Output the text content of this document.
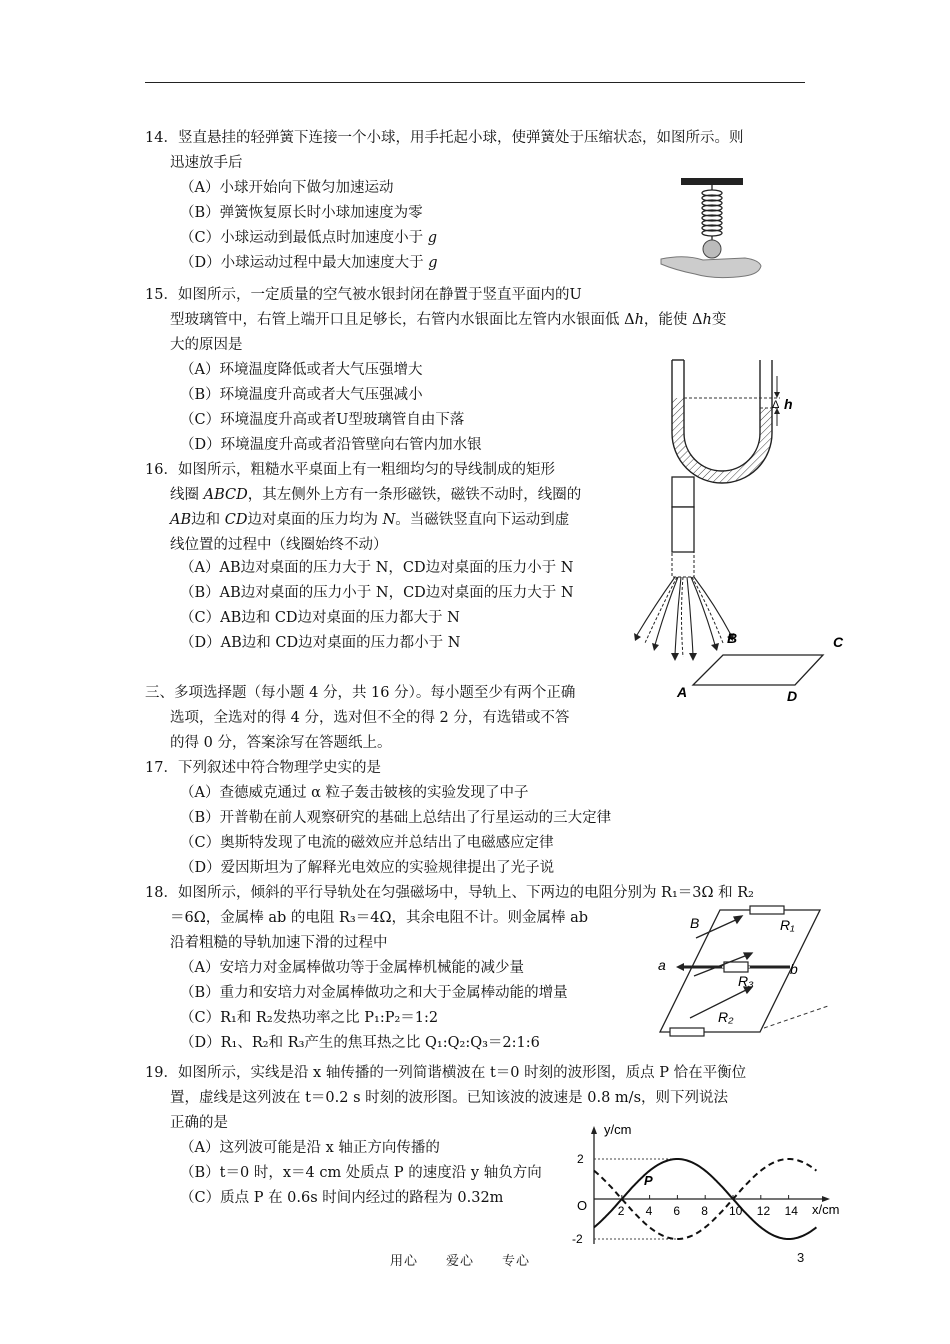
14．竖直悬挂的轻弹簧下连接一个小球，用手托起小球，使弹簧处于压缩状态，如图所示。则
迅速放手后
（A）小球开始向下做匀加速运动
（B）弹簧恢复原长时小球加速度为零
（C）小球运动到最低点时加速度小于 g
（D）小球运动过程中最大加速度大于 g
15．如图所示，一定质量的空气被水银封闭在静置于竖直平面内的U
型玻璃管中，右管上端开口且足够长，右管内水银面比左管内水银面低 Δh，能使 Δh变
大的原因是
（A）环境温度降低或者大气压强增大
（B）环境温度升高或者大气压强减小
（C）环境温度升高或者U型玻璃管自由下落
（D）环境温度升高或者沿管壁向右管内加水银
Δ h
16．如图所示，粗糙水平桌面上有一粗细均匀的导线制成的矩形
线圈 ABCD，其左侧外上方有一条形磁铁，磁铁不动时，线圈的
AB边和 CD边对桌面的压力均为 N。当磁铁竖直向下运动到虚
线位置的过程中（线圈始终不动）
（A）AB边对桌面的压力大于 N，CD边对桌面的压力小于 N
（B）AB边对桌面的压力小于 N，CD边对桌面的压力大于 N
（C）AB边和 CD边对桌面的压力都大于 N
（D）AB边和 CD边对桌面的压力都小于 N	B	C
A	D
三、多项选择题（每小题 4 分，共 16 分）。每小题至少有两个正确
选项，全选对的得 4 分，选对但不全的得 2 分，有选错或不答
的得 0 分，答案涂写在答题纸上。
17．下列叙述中符合物理学史实的是
（A）查德威克通过 α 粒子轰击铍核的实验发现了中子
（B）开普勒在前人观察研究的基础上总结出了行星运动的三大定律
（C）奥斯特发现了电流的磁效应并总结出了电磁感应定律
（D）爱因斯坦为了解释光电效应的实验规律提出了光子说
18．如图所示，倾斜的平行导轨处在匀强磁场中，导轨上、下两边的电阻分别为 R₁＝3Ω 和 R₂
＝6Ω，金属棒 ab 的电阻 R₃＝4Ω，其余电阻不计。则金属棒 ab
沿着粗糙的导轨加速下滑的过程中
（A）安培力对金属棒做功等于金属棒机械能的减少量
（B）重力和安培力对金属棒做功之和大于金属棒动能的增量
（C）R₁和 R₂发热功率之比 P₁:P₂＝1:2
（D）R₁、R₂和 R₃产生的焦耳热之比 Q₁:Q₂:Q₃＝2:1:6
B	R₁
a
R₃
b
R₂
19．如图所示，实线是沿 x 轴传播的一列简谐横波在 t＝0 时刻的波形图，质点 P 恰在平衡位
置，虚线是这列波在 t＝0.2 s 时刻的波形图。已知该波的波速是 0.8 m/s，则下列说法
正确的是
（A）这列波可能是沿 x 轴正方向传播的
（B）t＝0 时，x＝4 cm 处质点 P 的速度沿 y 轴负方向
（C）质点 P 在 0.6s 时间内经过的路程为 0.32m
2 4 6 8 10 12 14
2
-2
y/cm
x/cm
O
P
用心　　爱心　　专心	3
